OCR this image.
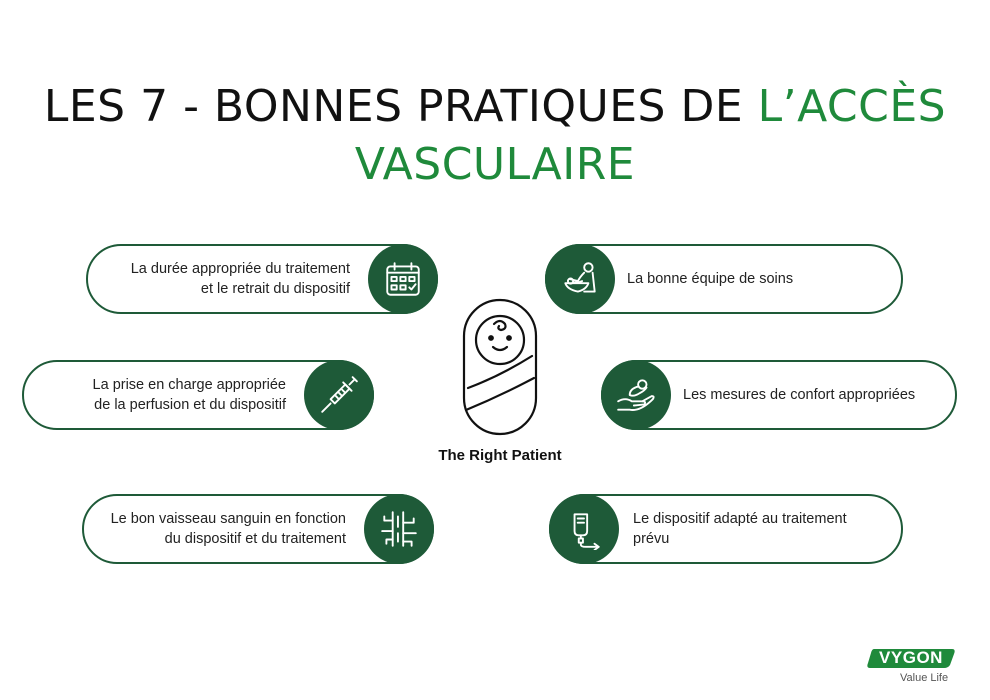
LES 7 - BONNES PRATIQUES DE L’ACCÈS
VASCULAIRE
La durée appropriée du traitement
et le retrait du dispositif
La prise en charge appropriée
de la perfusion et du dispositif
Le bon vaisseau sanguin en fonction
du dispositif et du traitement
La bonne équipe de soins
Les mesures de confort appropriées
Le dispositif adapté au traitement
prévu
The Right Patient
VYGON
Value Life
